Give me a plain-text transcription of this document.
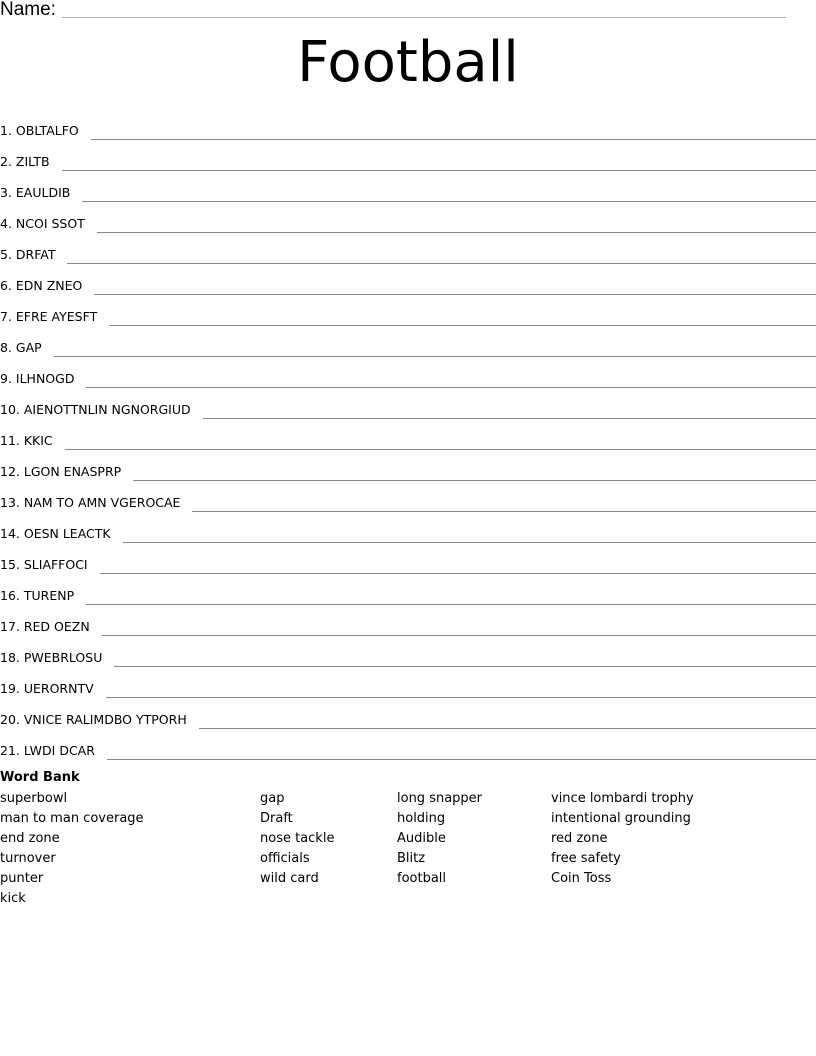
Name:
Football
1. OBLTALFO
2. ZILTB
3. EAULDIB
4. NCOI SSOT
5. DRFAT
6. EDN ZNEO
7. EFRE AYESFT
8. GAP
9. ILHNOGD
10. AIENOTTNLIN NGNORGIUD
11. KKIC
12. LGON ENASPRP
13. NAM TO AMN VGEROCAE
14. OESN LEACTK
15. SLIAFFOCI
16. TURENP
17. RED OEZN
18. PWEBRLOSU
19. UERORNTV
20. VNICE RALIMDBO YTPORH
21. LWDI DCAR
Word Bank
superbowl
man to man coverage
end zone
turnover
punter
kick
gap
Draft
nose tackle
officials
wild card
long snapper
holding
Audible
Blitz
football
vince lombardi trophy
intentional grounding
red zone
free safety
Coin Toss
